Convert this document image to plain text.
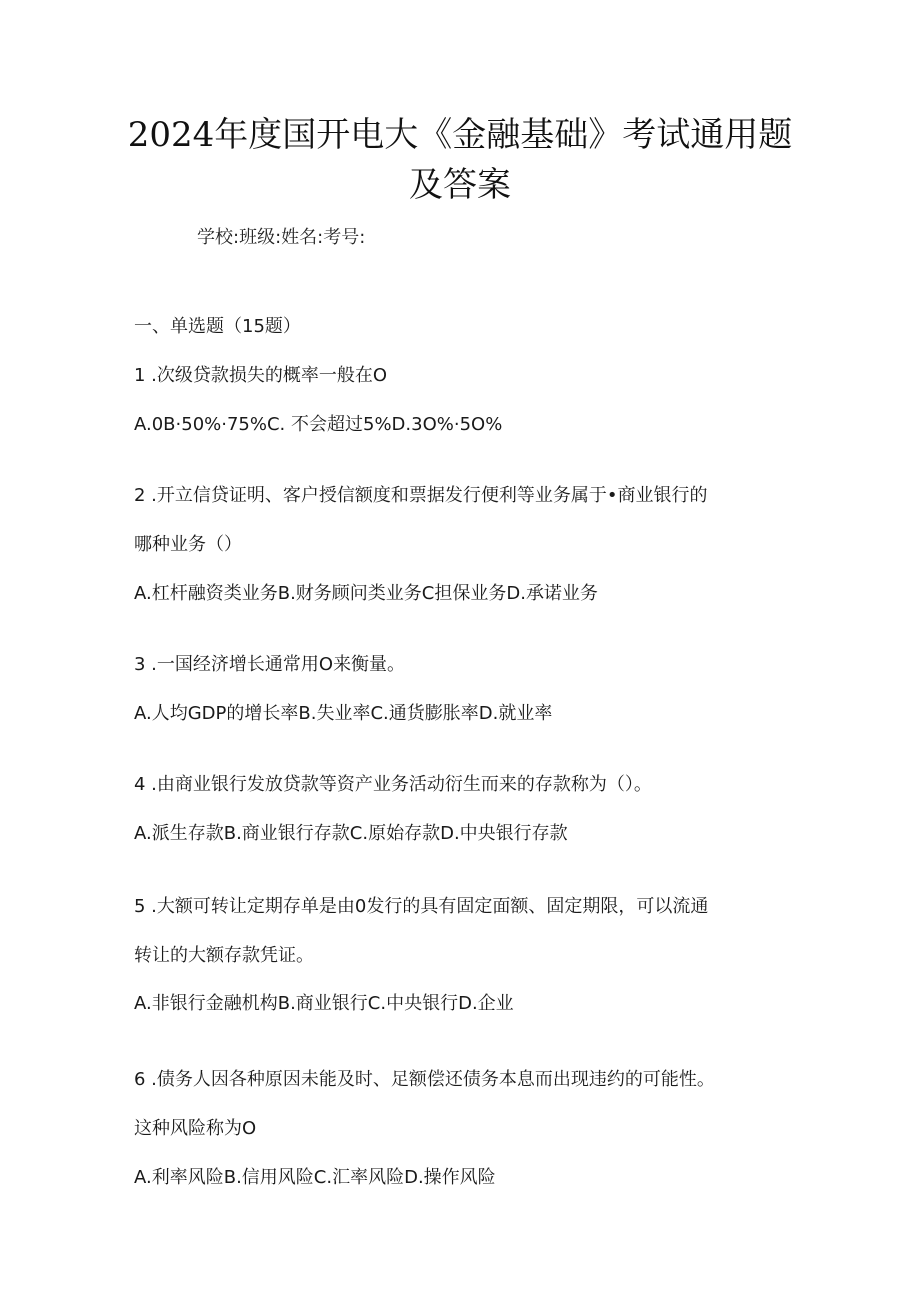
2024年度国开电大《金融基础》考试通用题
及答案
学校:班级:姓名:考号:
一、单选题（15题）
1 .次级贷款损失的概率一般在O
A.0B·50%·75%C. 不会超过5%D.3O%·5O%
2 .开立信贷证明、客户授信额度和票据发行便利等业务属于•商业银行的
哪种业务（）
A.杠杆融资类业务B.财务顾问类业务C担保业务D.承诺业务
3 .一国经济增长通常用O来衡量。
A.人均GDP的增长率B.失业率C.通货膨胀率D.就业率
4 .由商业银行发放贷款等资产业务活动衍生而来的存款称为（）。
A.派生存款B.商业银行存款C.原始存款D.中央银行存款
5 .大额可转让定期存单是由0发行的具有固定面额、固定期限，可以流通
转让的大额存款凭证。
A.非银行金融机构B.商业银行C.中央银行D.企业
6 .债务人因各种原因未能及时、足额偿还债务本息而出现违约的可能性。
这种风险称为O
A.利率风险B.信用风险C.汇率风险D.操作风险
